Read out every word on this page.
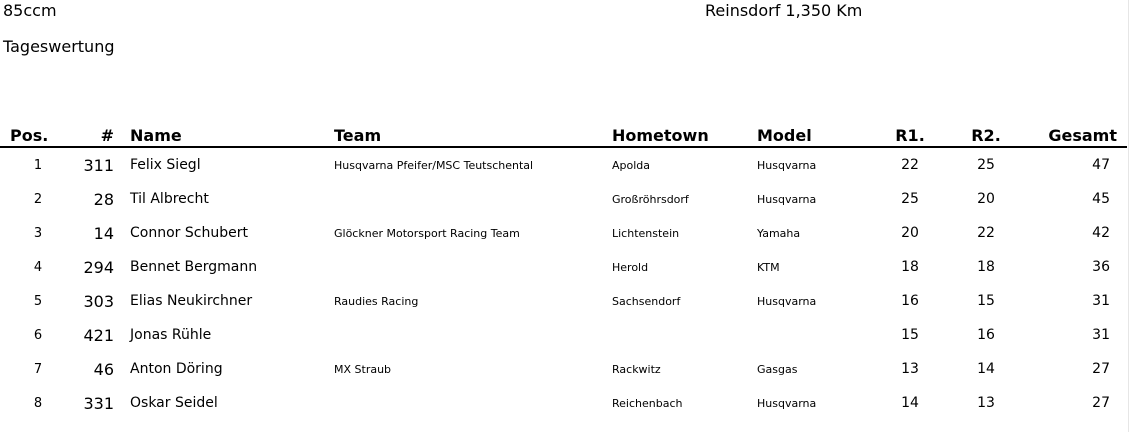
85ccm	Reinsdorf 1,350 Km
Tageswertung
Pos.	#	Name	Team	Hometown	Model	R1.	R2.	Gesamt
1	311	Felix Siegl	Husqvarna Pfeifer/MSC Teutschental	Apolda	Husqvarna	22	25	47
2	28	Til Albrecht		Großröhrsdorf	Husqvarna	25	20	45
3	14	Connor Schubert	Glöckner Motorsport Racing Team	Lichtenstein	Yamaha	20	22	42
4	294	Bennet Bergmann		Herold	KTM	18	18	36
5	303	Elias Neukirchner	Raudies Racing	Sachsendorf	Husqvarna	16	15	31
6	421	Jonas Rühle				15	16	31
7	46	Anton Döring	MX Straub	Rackwitz	Gasgas	13	14	27
8	331	Oskar Seidel		Reichenbach	Husqvarna	14	13	27
